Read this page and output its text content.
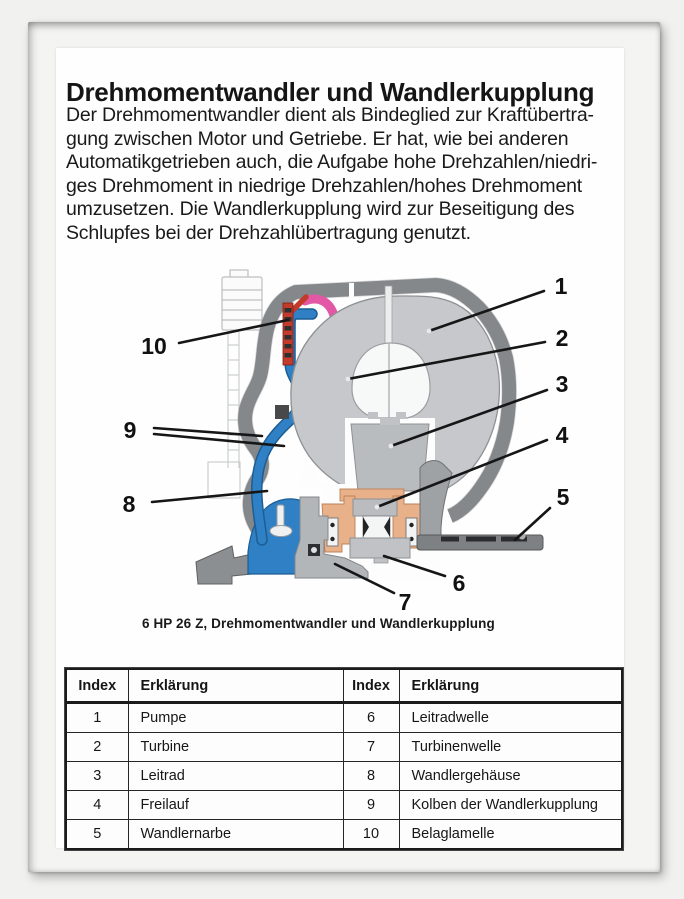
Drehmomentwandler und Wandlerkupplung
Der Drehmomentwandler dient als Bindeglied zur Kraftübertra-
gung zwischen Motor und Getriebe. Er hat, wie bei anderen
Automatikgetrieben auch, die Aufgabe hohe Drehzahlen/niedri-
ges Drehmoment in niedrige Drehzahlen/hohes Drehmoment
umzusetzen. Die Wandlerkupplung wird zur Beseitigung des
Schlupfes bei der Drehzahlübertragung genutzt.
1
2
3
4
5
6
7
8
9
10
6 HP 26 Z, Drehmomentwandler und Wandlerkupplung
Index	Erklärung	Index	Erklärung
1	Pumpe	6	Leitradwelle
2	Turbine	7	Turbinenwelle
3	Leitrad	8	Wandlergehäuse
4	Freilauf	9	Kolben der Wandlerkupplung
5	Wandlernarbe	10	Belaglamelle
